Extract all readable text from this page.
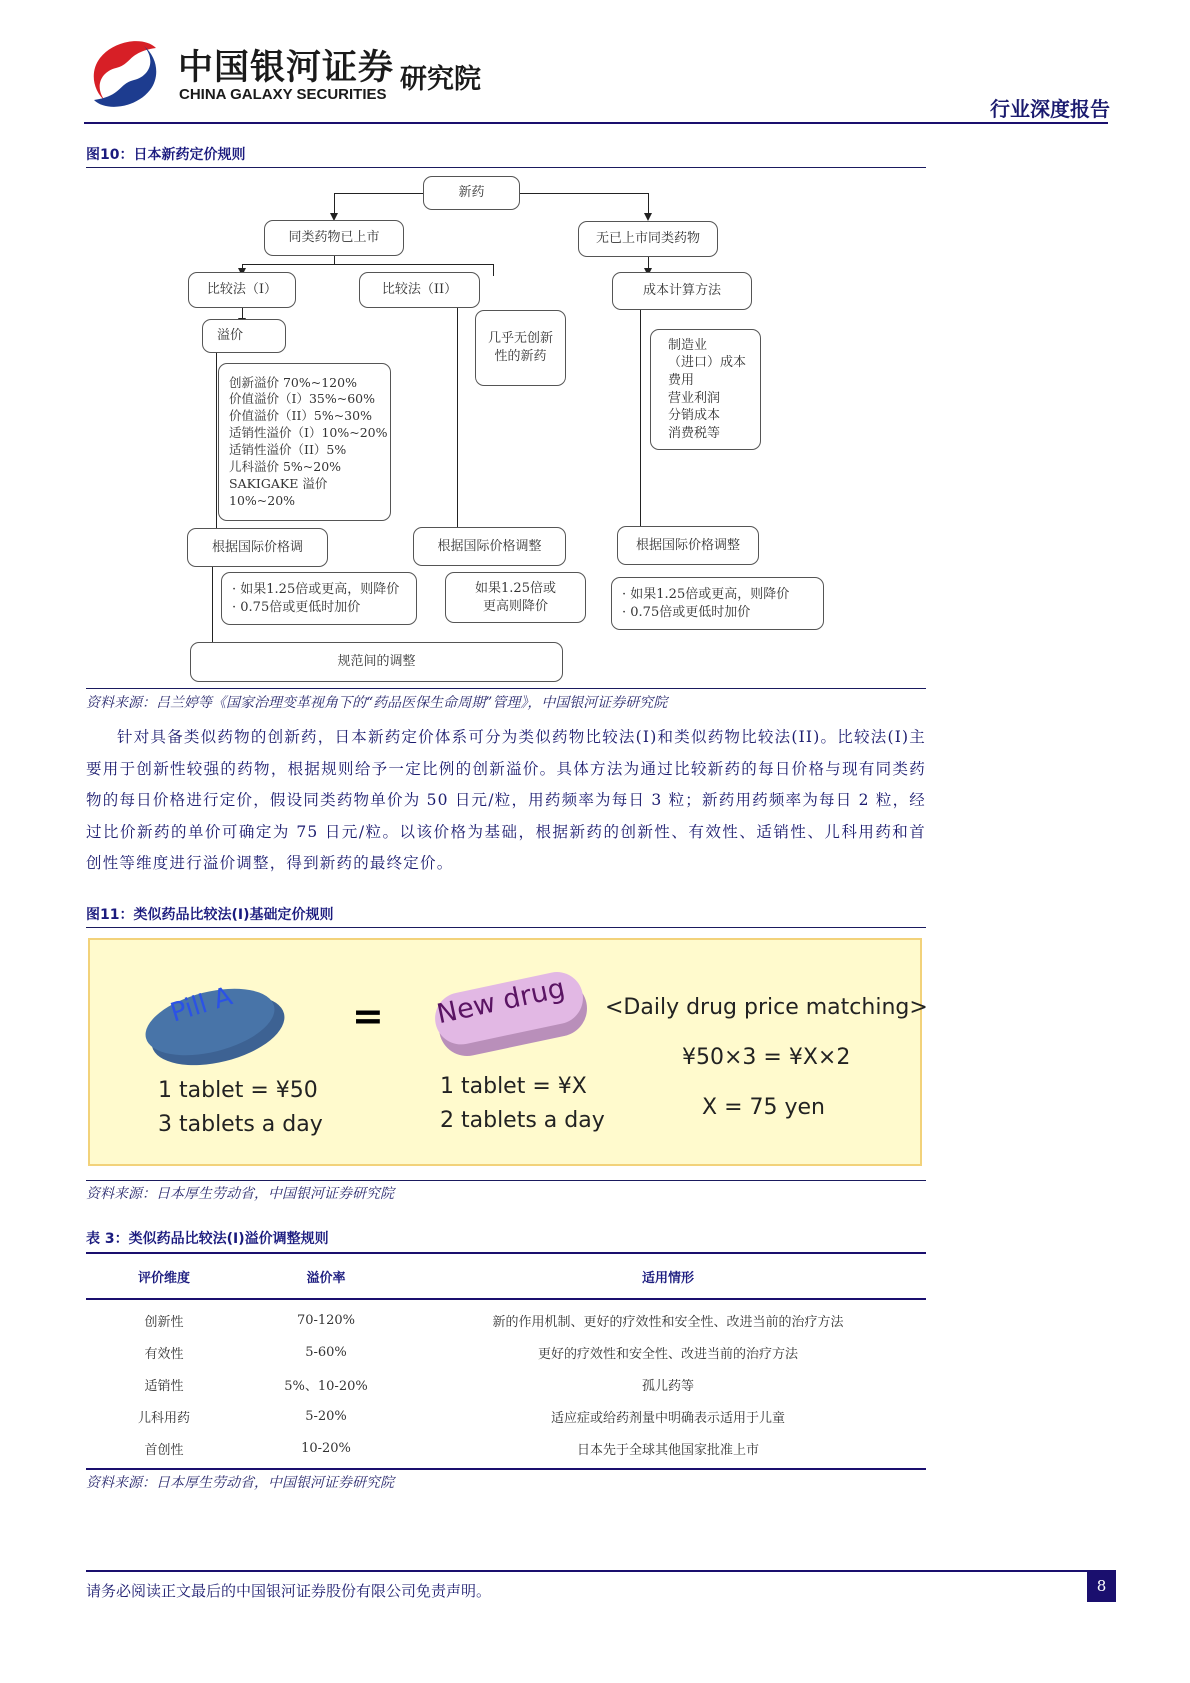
中国银河证券
CHINA GALAXY SECURITIES 研究院
行业深度报告
图10：日本新药定价规则
新药
同类药物已上市	无已上市同类药物
比较法（I）	比较法（II）	成本计算方法
溢价
创新溢价 70%~120%
价值溢价（I）35%~60%
价值溢价（II）5%~30%
适销性溢价（I）10%~20%
适销性溢价（II）5%
儿科溢价 5%~20%
SAKIGAKE 溢价 10%~20%
几乎无创新
性的新药
制造业
（进口）成本
费用
营业利润
分销成本
消费税等
根据国际价格调	根据国际价格调整	根据国际价格调整
· 如果1.25倍或更高，则降价
· 0.75倍或更低时加价
如果1.25倍或
更高则降价
· 如果1.25倍或更高，则降价
· 0.75倍或更低时加价
规范间的调整
资料来源：吕兰婷等《国家治理变革视角下的“药品医保生命周期”管理》，中国银河证券研究院

针对具备类似药物的创新药，日本新药定价体系可分为类似药物比较法(I)和类似药物比较法(II)。比较法(I)主要用于创新性较强的药物，根据规则给予一定比例的创新溢价。具体方法为通过比较新药的每日价格与现有同类药物的每日价格进行定价，假设同类药物单价为 50 日元/粒，用药频率为每日 3 粒；新药用药频率为每日 2 粒，经过比价新药的单价可确定为 75 日元/粒。以该价格为基础，根据新药的创新性、有效性、适销性、儿科用药和首创性等维度进行溢价调整，得到新药的最终定价。

图11：类似药品比较法(I)基础定价规则
Pill A	= New drug <Daily drug price matching>
¥50×3 = ¥X×2
X = 75 yen
1 tablet = ¥50
3 tablets a day
1 tablet = ¥X
2 tablets a day
资料来源：日本厚生劳动省，中国银河证券研究院
表 3：类似药品比较法(I)溢价调整规则
评价维度	溢价率	适用情形
创新性	70-120%	新的作用机制、更好的疗效性和安全性、改进当前的治疗方法
有效性	5-60%	更好的疗效性和安全性、改进当前的治疗方法
适销性	5%、10-20%	孤儿药等
儿科用药	5-20%	适应症或给药剂量中明确表示适用于儿童
首创性	10-20%	日本先于全球其他国家批准上市
资料来源：日本厚生劳动省，中国银河证券研究院
请务必阅读正文最后的中国银河证券股份有限公司免责声明。	8
